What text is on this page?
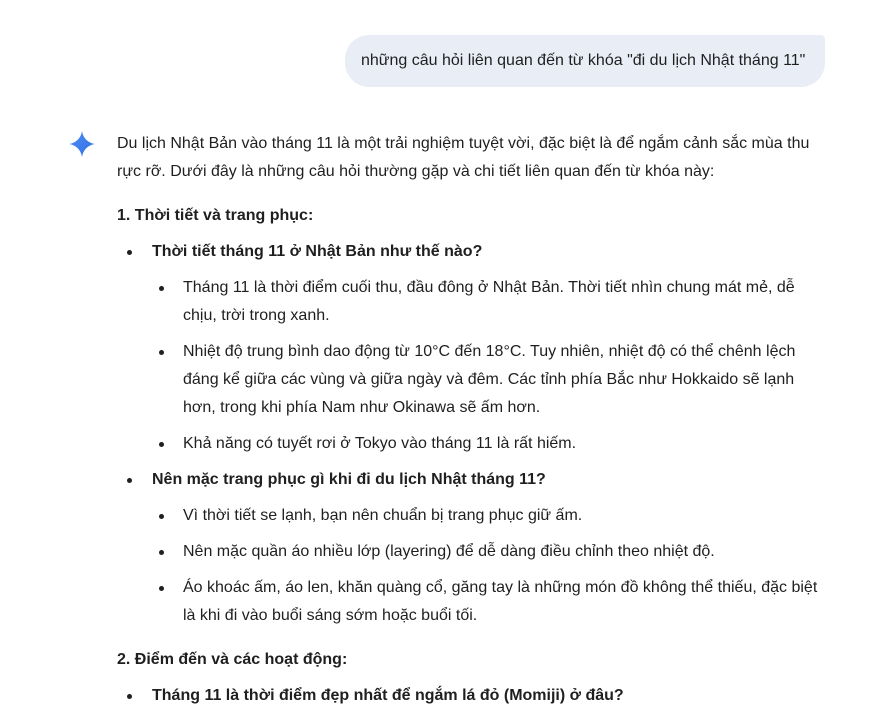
những câu hỏi liên quan đến từ khóa "đi du lịch Nhật tháng 11"

Du lịch Nhật Bản vào tháng 11 là một trải nghiệm tuyệt vời, đặc biệt là để ngắm cảnh sắc mùa thu rực rỡ. Dưới đây là những câu hỏi thường gặp và chi tiết liên quan đến từ khóa này:

1. Thời tiết và trang phục:

Thời tiết tháng 11 ở Nhật Bản như thế nào?
Tháng 11 là thời điểm cuối thu, đầu đông ở Nhật Bản. Thời tiết nhìn chung mát mẻ, dễ chịu, trời trong xanh.
Nhiệt độ trung bình dao động từ 10°C đến 18°C. Tuy nhiên, nhiệt độ có thể chênh lệch đáng kể giữa các vùng và giữa ngày và đêm. Các tỉnh phía Bắc như Hokkaido sẽ lạnh hơn, trong khi phía Nam như Okinawa sẽ ấm hơn.
Khả năng có tuyết rơi ở Tokyo vào tháng 11 là rất hiếm.
Nên mặc trang phục gì khi đi du lịch Nhật tháng 11?
Vì thời tiết se lạnh, bạn nên chuẩn bị trang phục giữ ấm.
Nên mặc quần áo nhiều lớp (layering) để dễ dàng điều chỉnh theo nhiệt độ.
Áo khoác ấm, áo len, khăn quàng cổ, găng tay là những món đồ không thể thiếu, đặc biệt là khi đi vào buổi sáng sớm hoặc buổi tối.

2. Điểm đến và các hoạt động:

Tháng 11 là thời điểm đẹp nhất để ngắm lá đỏ (Momiji) ở đâu?
